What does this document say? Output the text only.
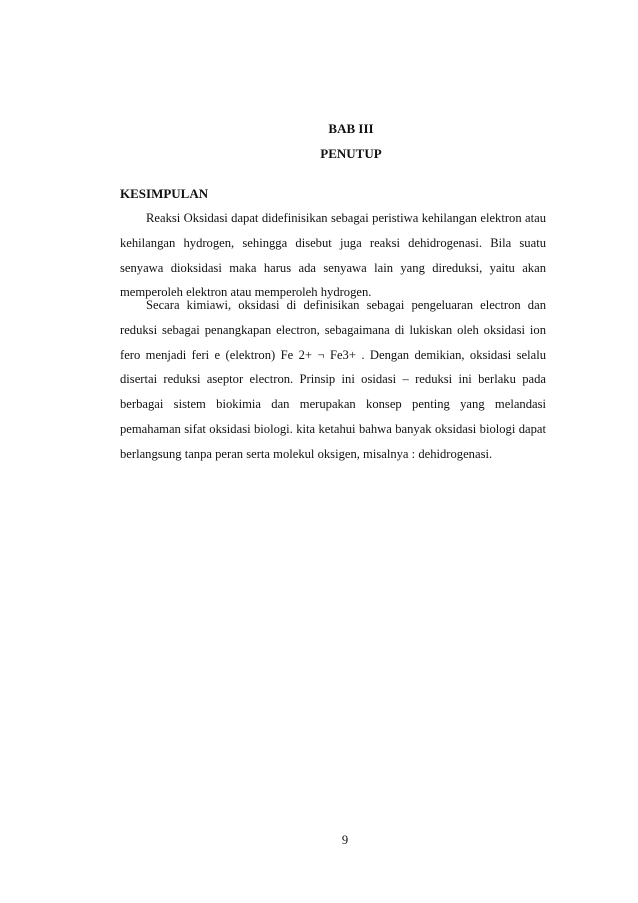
BAB III
PENUTUP
KESIMPULAN

Reaksi Oksidasi dapat didefinisikan sebagai peristiwa kehilangan elektron atau kehilangan hydrogen, sehingga disebut juga reaksi dehidrogenasi. Bila suatu senyawa dioksidasi maka harus ada senyawa lain yang direduksi, yaitu akan memperoleh elektron atau memperoleh hydrogen.

Secara kimiawi, oksidasi di definisikan sebagai pengeluaran electron dan reduksi sebagai penangkapan electron, sebagaimana di lukiskan oleh oksidasi ion fero menjadi feri e (elektron) Fe 2+ ¬ Fe3+ . Dengan demikian, oksidasi selalu disertai reduksi aseptor electron. Prinsip ini osidasi – reduksi ini berlaku pada berbagai sistem biokimia dan merupakan konsep penting yang melandasi pemahaman sifat oksidasi biologi. kita ketahui bahwa banyak oksidasi biologi dapat berlangsung tanpa peran serta molekul oksigen, misalnya : dehidrogenasi.

9
